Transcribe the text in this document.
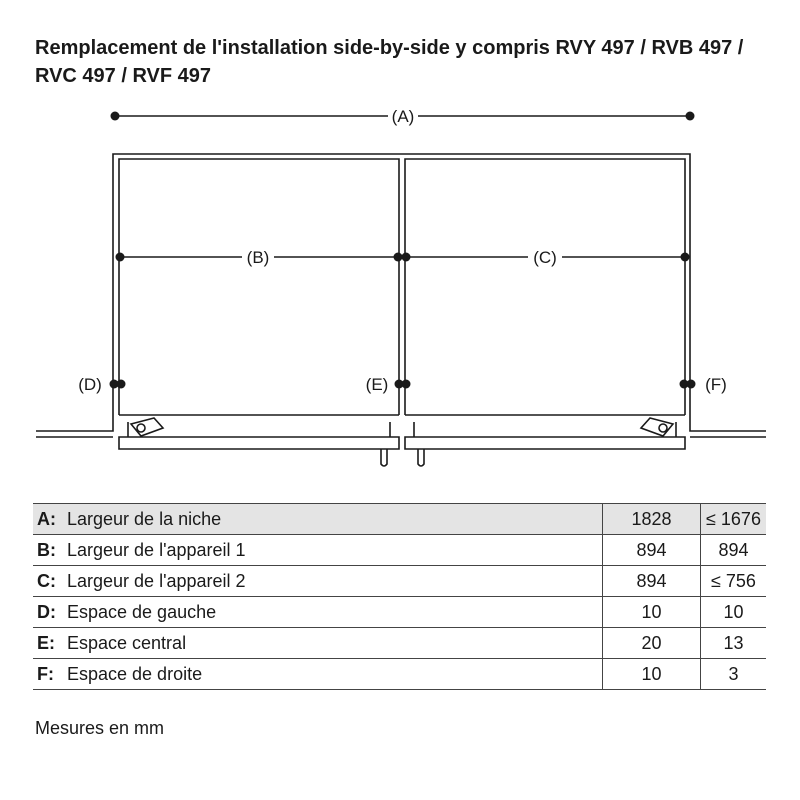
Remplacement de l'installation side-by-side y compris RVY 497 / RVB 497 / RVC 497 / RVF 497
(A)
(B)	(C)
(D)	(E)	(F)
A:	Largeur de la niche	1828	≤ 1676
B:	Largeur de l'appareil 1	894	894
C:	Largeur de l'appareil 2	894	≤ 756
D:	Espace de gauche	10	10
E:	Espace central	20	13
F:	Espace de droite	10	3
Mesures en mm
